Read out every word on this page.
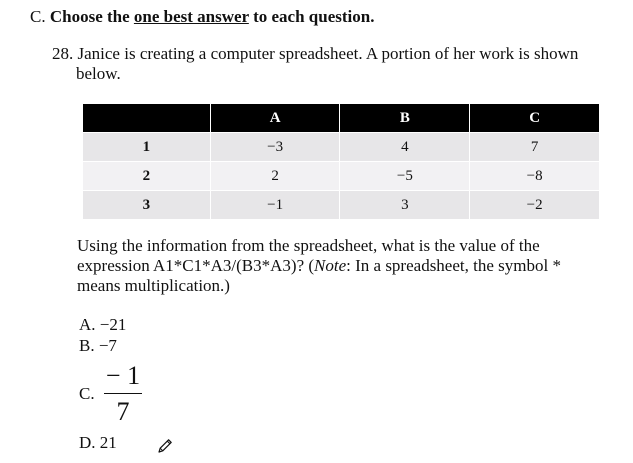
C. Choose the one best answer to each question.
28. Janice is creating a computer spreadsheet. A portion of her work is shown
below.
	A	B	C
1	−3	4	7
2	2	−5	−8
3	−1	3	−2
Using the information from the spreadsheet, what is the value of the
expression A1*C1*A3/(B3*A3)? (Note: In a spreadsheet, the symbol *
means multiplication.)
A. −21
B. −7
C.
− 1
7
D. 21
